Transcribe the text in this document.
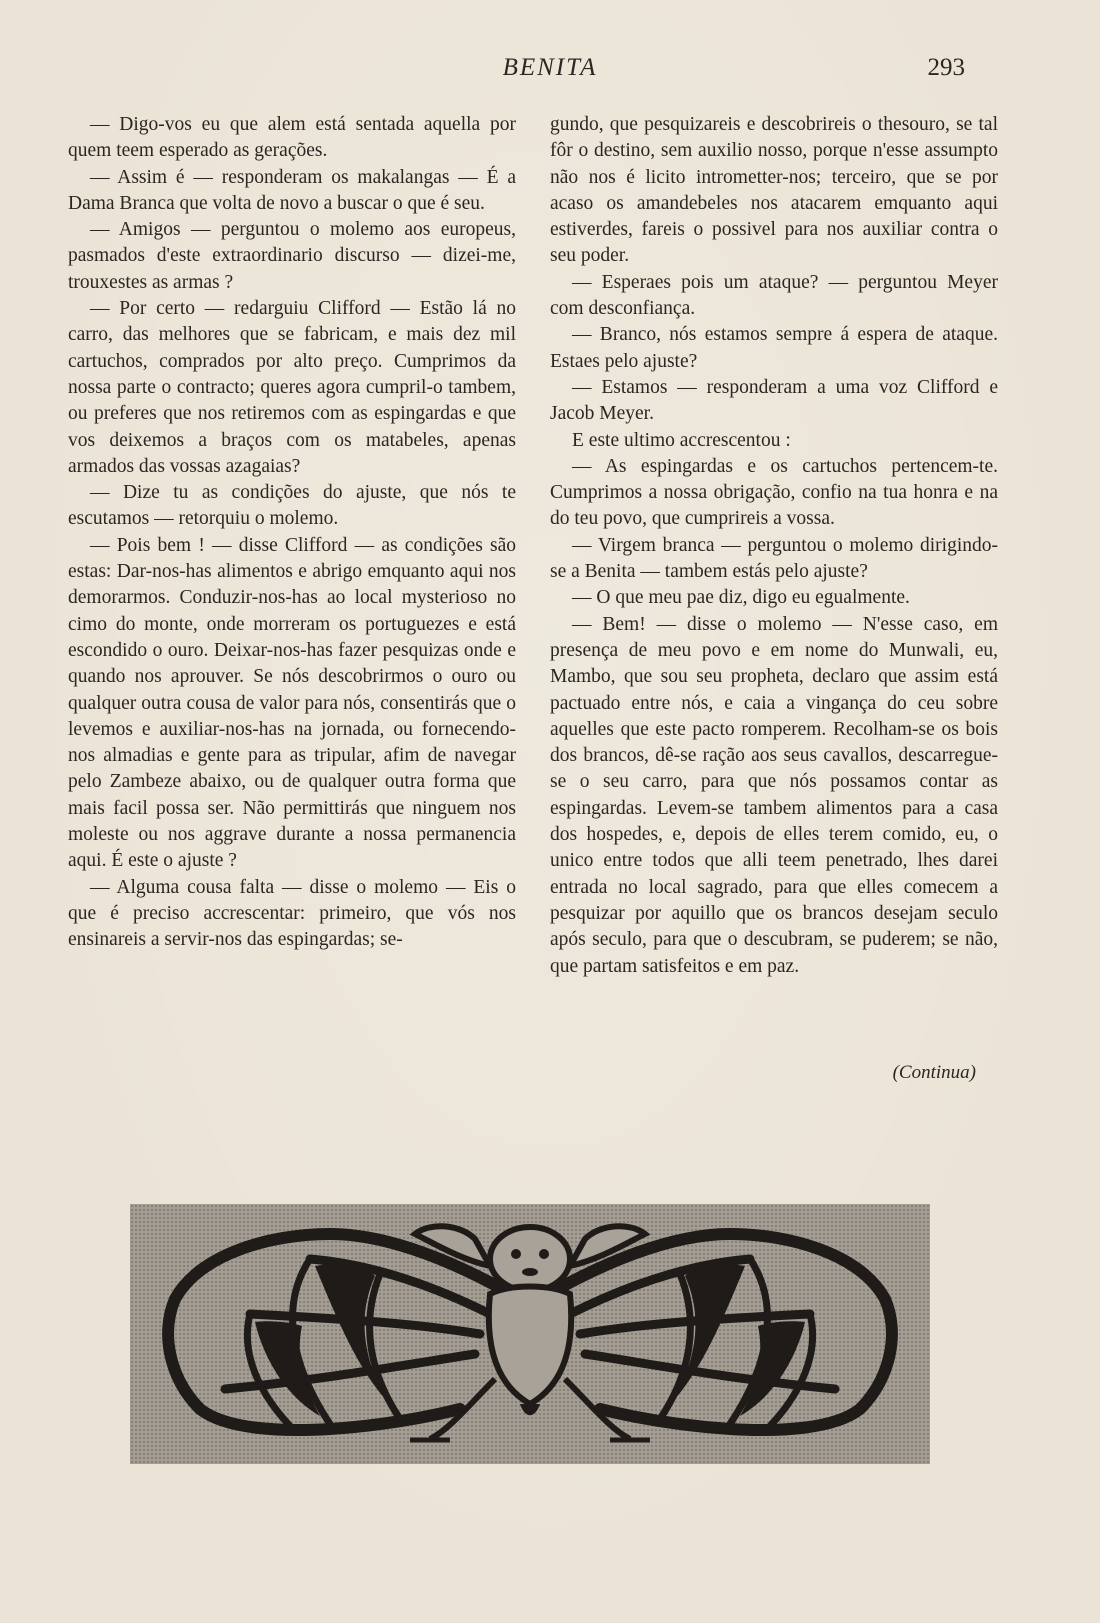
BENITA	293

— Digo-vos eu que alem está sentada aquella por quem teem esperado as gerações.

— Assim é — responderam os makalangas — É a Dama Branca que volta de novo a buscar o que é seu.

— Amigos — perguntou o molemo aos europeus, pasmados d'este extraordinario discurso — dizei-me, trouxestes as armas ?

— Por certo — redarguiu Clifford — Estão lá no carro, das melhores que se fabricam, e mais dez mil cartuchos, comprados por alto preço. Cumprimos da nossa parte o contracto; queres agora cumpril-o tambem, ou preferes que nos retiremos com as espingardas e que vos deixemos a braços com os matabeles, apenas armados das vossas azagaias?

— Dize tu as condições do ajuste, que nós te escutamos — retorquiu o molemo.

— Pois bem ! — disse Clifford — as condições são estas: Dar-nos-has alimentos e abrigo emquanto aqui nos demorarmos. Conduzir-nos-has ao local mysterioso no cimo do monte, onde morreram os portuguezes e está escondido o ouro. Deixar-nos-has fazer pesquizas onde e quando nos aprouver. Se nós descobrirmos o ouro ou qualquer outra cousa de valor para nós, consentirás que o levemos e auxiliar-nos-has na jornada, ou fornecendo-nos almadias e gente para as tripular, afim de navegar pelo Zambeze abaixo, ou de qualquer outra forma que mais facil possa ser. Não permittirás que ninguem nos moleste ou nos aggrave durante a nossa permanencia aqui. É este o ajuste ?

— Alguma cousa falta — disse o molemo — Eis o que é preciso accrescentar: primeiro, que vós nos ensinareis a servir-nos das espingardas; se-

gundo, que pesquizareis e descobrireis o thesouro, se tal fôr o destino, sem auxilio nosso, porque n'esse assumpto não nos é licito intrometter-nos; terceiro, que se por acaso os amandebeles nos atacarem emquanto aqui estiverdes, fareis o possivel para nos auxiliar contra o seu poder.

— Esperaes pois um ataque? — perguntou Meyer com desconfiança.

— Branco, nós estamos sempre á espera de ataque. Estaes pelo ajuste?

— Estamos — responderam a uma voz Clifford e Jacob Meyer.

E este ultimo accrescentou :

— As espingardas e os cartuchos pertencem-te. Cumprimos a nossa obrigação, confio na tua honra e na do teu povo, que cumprireis a vossa.

— Virgem branca — perguntou o molemo dirigindo-se a Benita — tambem estás pelo ajuste?

— O que meu pae diz, digo eu egualmente.

— Bem! — disse o molemo — N'esse caso, em presença de meu povo e em nome do Munwali, eu, Mambo, que sou seu propheta, declaro que assim está pactuado entre nós, e caia a vingança do ceu sobre aquelles que este pacto romperem. Recolham-se os bois dos brancos, dê-se ração aos seus cavallos, descarregue-se o seu carro, para que nós possamos contar as espingardas. Levem-se tambem alimentos para a casa dos hospedes, e, depois de elles terem comido, eu, o unico entre todos que alli teem penetrado, lhes darei entrada no local sagrado, para que elles comecem a pesquizar por aquillo que os brancos desejam seculo após seculo, para que o descubram, se puderem; se não, que partam satisfeitos e em paz.

(Continua)
